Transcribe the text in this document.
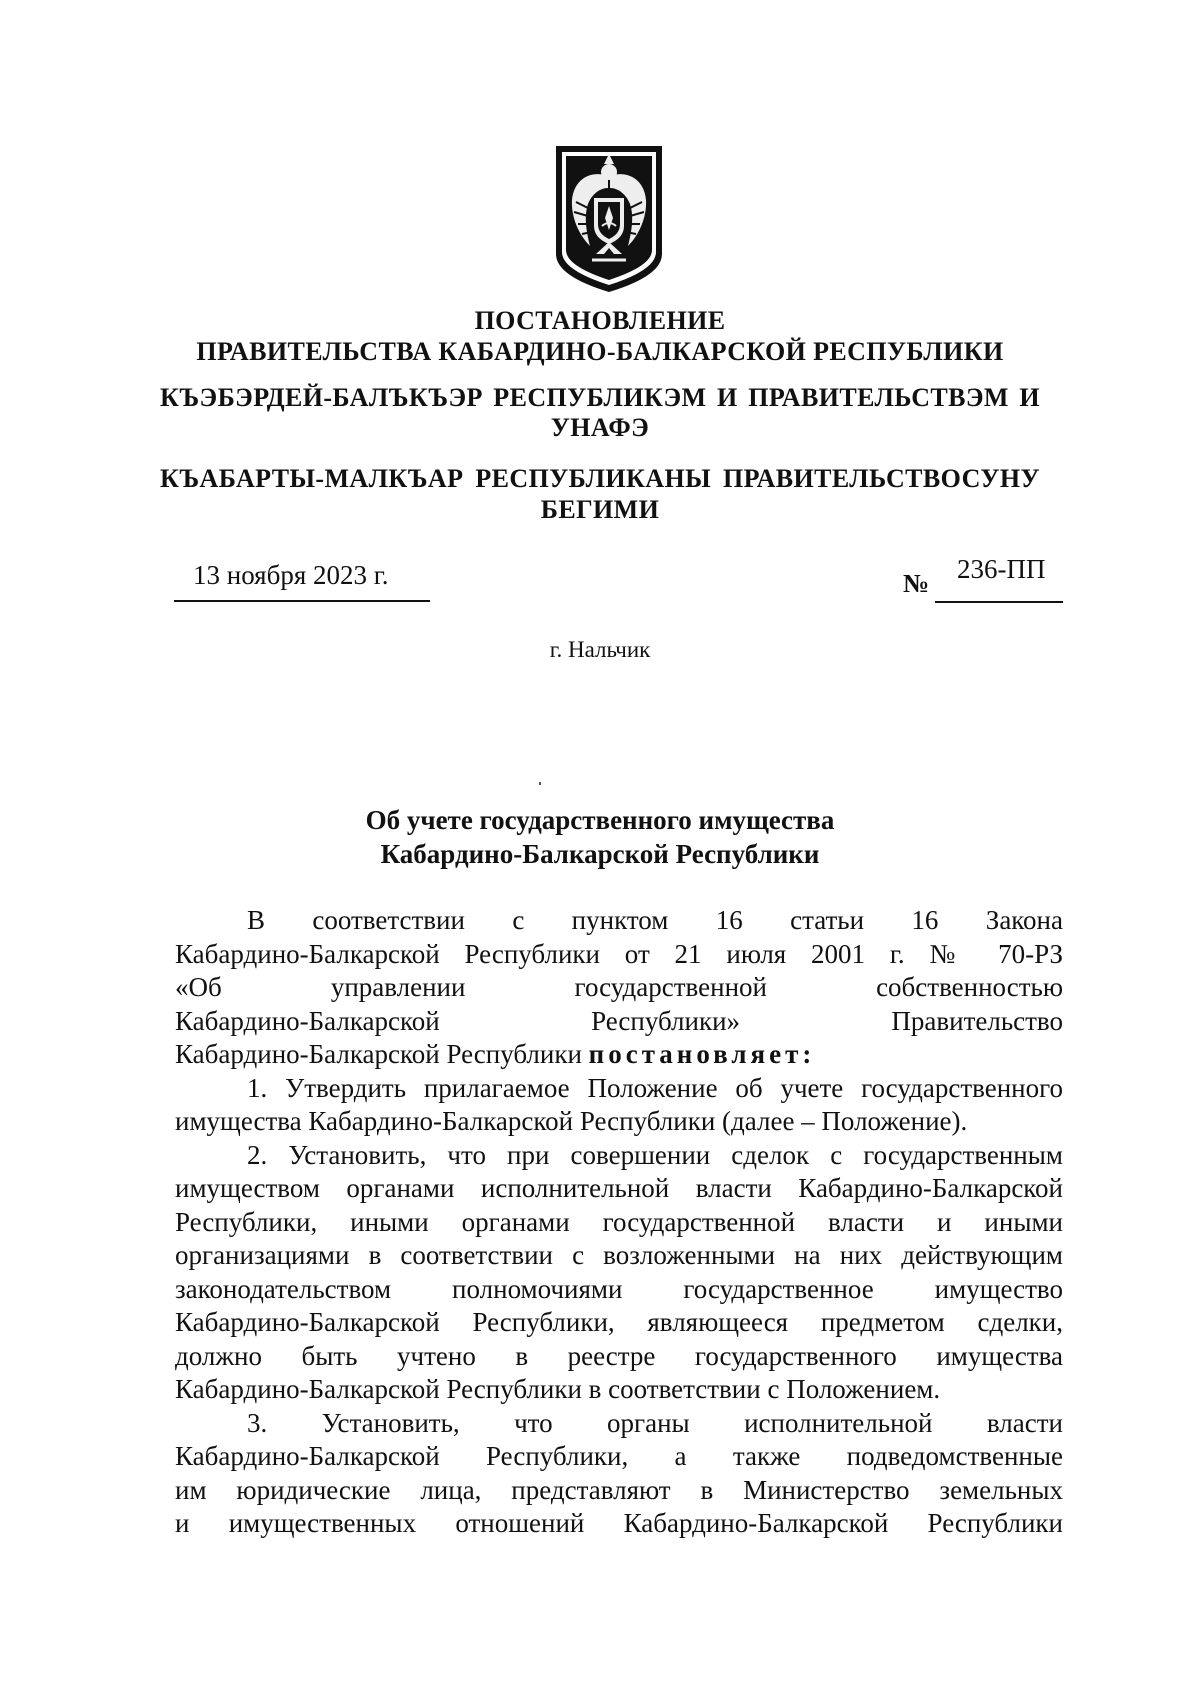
ПОСТАНОВЛЕНИЕ
ПРАВИТЕЛЬСТВА КАБАРДИНО-БАЛКАРСКОЙ РЕСПУБЛИКИ
КЪЭБЭРДЕЙ-БАЛЪКЪЭР РЕСПУБЛИКЭМ И ПРАВИТЕЛЬСТВЭМ И
УНАФЭ
КЪАБАРТЫ-МАЛКЪАР РЕСПУБЛИКАНЫ ПРАВИТЕЛЬСТВОСУНУ
БЕГИМИ
13 ноября 2023 г.	№ 236-ПП
г. Нальчик
Об учете государственного имущества
Кабардино-Балкарской Республики
В соответствии с пунктом 16 статьи 16 Закона
Кабардино-Балкарской Республики от 21 июля 2001 г. № 70-РЗ
«Об управлении государственной собственностью
Кабардино-Балкарской Республики» Правительство
Кабардино-Балкарской Республики постановляет:
1. Утвердить прилагаемое Положение об учете государственного
имущества Кабардино-Балкарской Республики (далее – Положение).
2. Установить, что при совершении сделок с государственным
имуществом органами исполнительной власти Кабардино-Балкарской
Республики, иными органами государственной власти и иными
организациями в соответствии с возложенными на них действующим
законодательством полномочиями государственное имущество
Кабардино-Балкарской Республики, являющееся предметом сделки,
должно быть учтено в реестре государственного имущества
Кабардино-Балкарской Республики в соответствии с Положением.
3. Установить, что органы исполнительной власти
Кабардино-Балкарской Республики, а также подведомственные
им юридические лица, представляют в Министерство земельных
и имущественных отношений Кабардино-Балкарской Республики
